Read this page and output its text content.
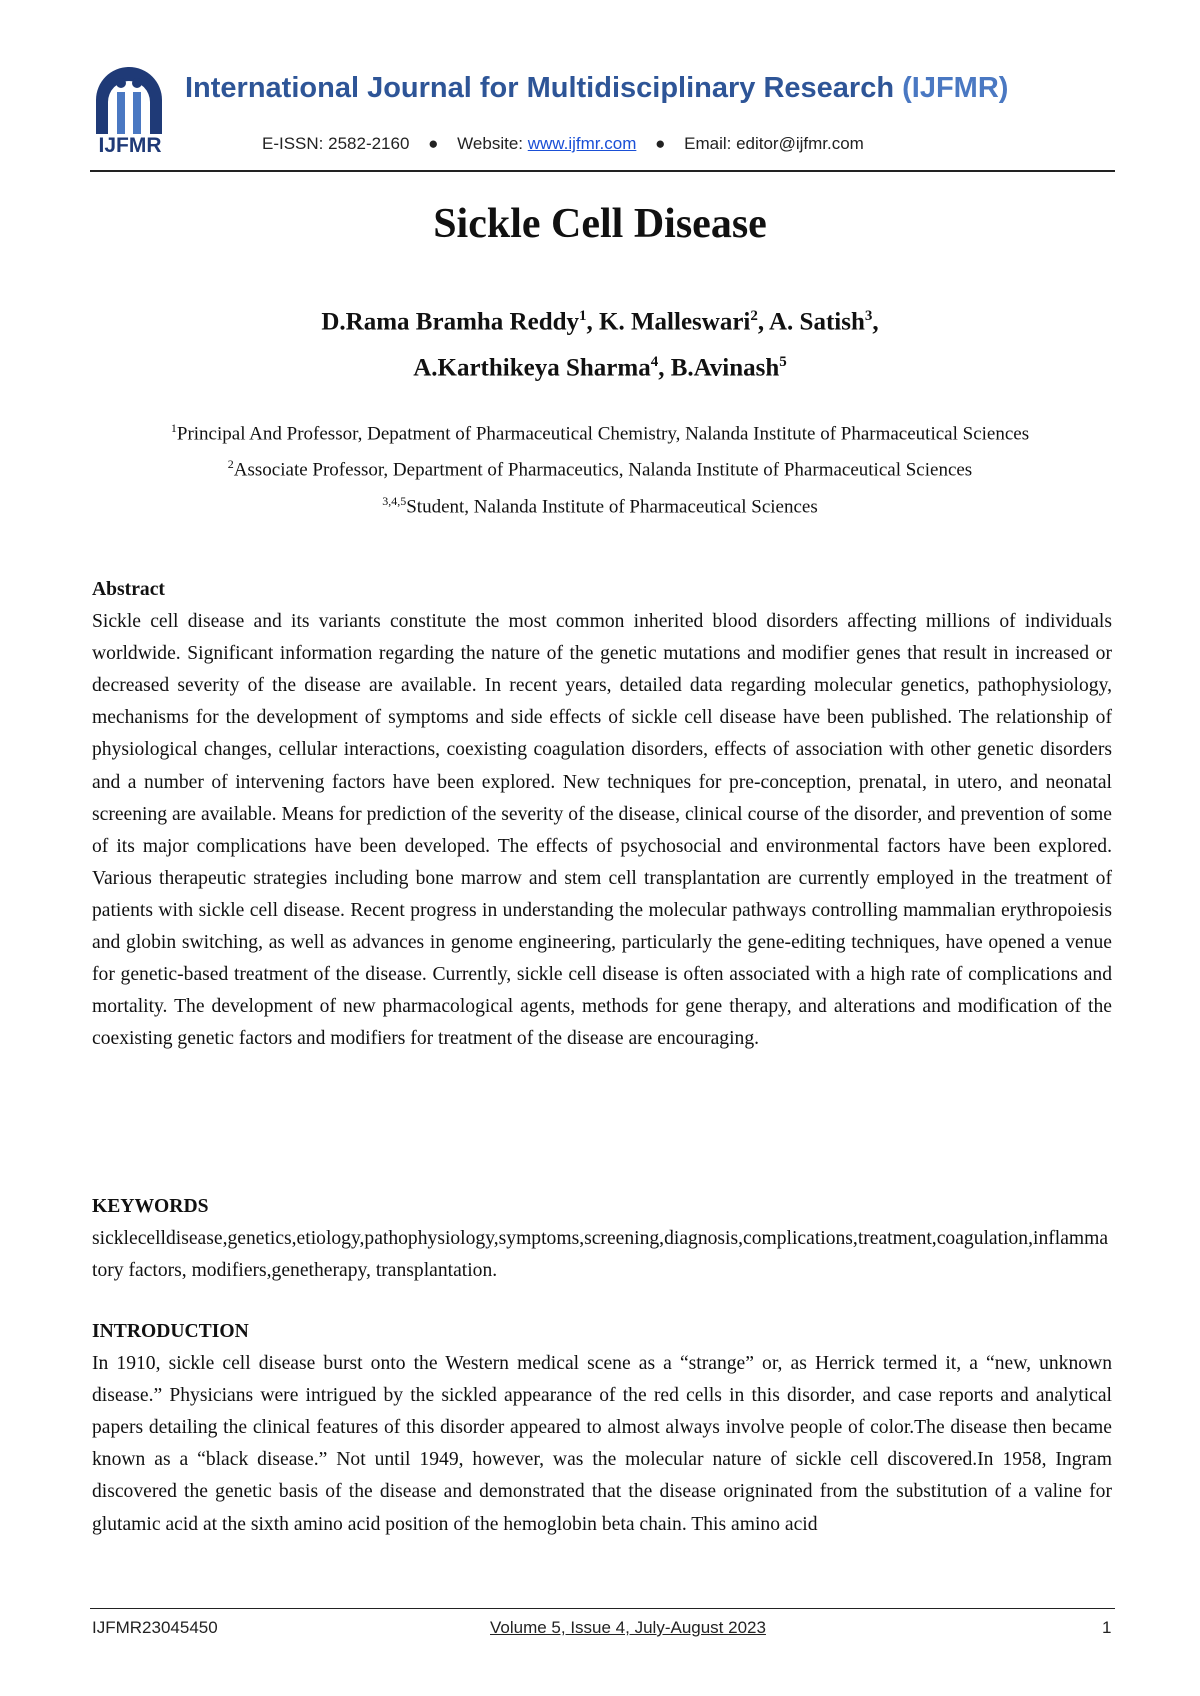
IJFMR
International Journal for Multidisciplinary Research (IJFMR)
E-ISSN: 2582-2160 ● Website: www.ijfmr.com ● Email: editor@ijfmr.com
Sickle Cell Disease
D.Rama Bramha Reddy$^1$, K. Malleswari$^2$, A. Satish$^3$,
A.Karthikeya Sharma$^4$, B.Avinash$^5$
$^1$Principal And Professor, Depatment of Pharmaceutical Chemistry, Nalanda Institute of Pharmaceutical Sciences
$^2$Associate Professor, Department of Pharmaceutics, Nalanda Institute of Pharmaceutical Sciences
$^{3,4,5}$Student, Nalanda Institute of Pharmaceutical Sciences
Abstract
Sickle cell disease and its variants constitute the most common inherited blood disorders affecting millions of individuals worldwide. Significant information regarding the nature of the genetic mutations and modifier genes that result in increased or decreased severity of the disease are available. In recent years, detailed data regarding molecular genetics, pathophysiology, mechanisms for the development of symptoms and side effects of sickle cell disease have been published. The relationship of physiological changes, cellular interactions, coexisting coagulation disorders, effects of association with other genetic disorders and a number of intervening factors have been explored. New techniques for pre-conception, prenatal, in utero, and neonatal screening are available. Means for prediction of the severity of the disease, clinical course of the disorder, and prevention of some of its major complications have been developed. The effects of psychosocial and environmental factors have been explored. Various therapeutic strategies including bone marrow and stem cell transplantation are currently employed in the treatment of patients with sickle cell disease. Recent progress in understanding the molecular pathways controlling mammalian erythropoiesis and globin switching, as well as advances in genome engineering, particularly the gene-editing techniques, have opened a venue for genetic-based treatment of the disease. Currently, sickle cell disease is often associated with a high rate of complications and mortality. The development of new pharmacological agents, methods for gene therapy, and alterations and modification of the coexisting genetic factors and modifiers for treatment of the disease are encouraging.
KEYWORDS
sicklecelldisease,genetics,etiology,pathophysiology,symptoms,screening,diagnosis,complications,treatment,coagulation,inflammatory factors, modifiers,genetherapy, transplantation.
INTRODUCTION
In 1910, sickle cell disease burst onto the Western medical scene as a “strange” or, as Herrick termed it, a “new, unknown disease.” Physicians were intrigued by the sickled appearance of the red cells in this disorder, and case reports and analytical papers detailing the clinical features of this disorder appeared to almost always involve people of color.The disease then became known as a “black disease.” Not until 1949, however, was the molecular nature of sickle cell discovered.In 1958, Ingram discovered the genetic basis of the disease and demonstrated that the disease origninated from the substitution of a valine for glutamic acid at the sixth amino acid position of the hemoglobin beta chain. This amino acid
IJFMR23045450	Volume 5, Issue 4, July-August 2023	1
